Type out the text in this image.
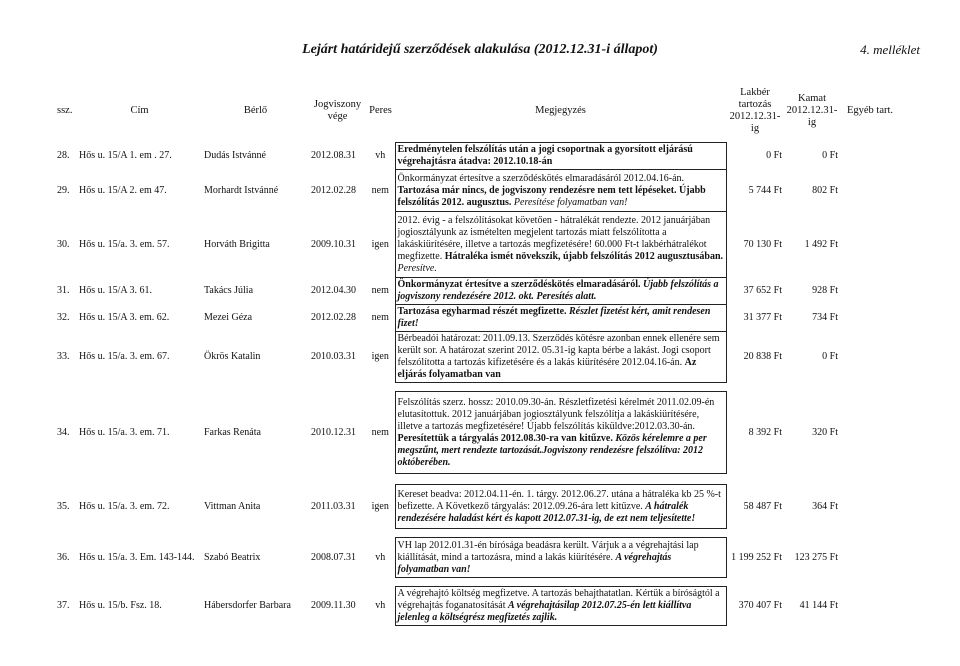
Lejárt határidejű szerződések alakulása (2012.12.31-i állapot)	4. melléklet
ssz.	Cím	Bérlő	Jogviszony vége	Peres	Megjegyzés	Lakbér tartozás 2012.12.31-ig	Kamat 2012.12.31-ig	Egyéb tart.

28.	Hős u. 15/A 1. em . 27.	Dudás Istvánné	2012.08.31	vh	Eredménytelen felszólítás után a jogi csoportnak a gyorsított eljárású végrehajtásra átadva: 2012.10.18-án	0 Ft	0 Ft	
29.	Hős u. 15/A 2. em 47.	Morhardt Istvánné	2012.02.28	nem	Önkormányzat értesítve a szerződéskötés elmaradásáról 2012.04.16-án. Tartozása már nincs, de jogviszony rendezésre nem tett lépéseket. Újabb felszólítás 2012. augusztus. Peresítése folyamatban van!	5 744 Ft	802 Ft	
30.	Hős u. 15/a. 3. em. 57.	Horváth Brigitta	2009.10.31	igen	2012. évig - a felszólításokat követően - hátralékát rendezte. 2012 januárjában jogiosztályunk az ismételten megjelent tartozás miatt felszólította a lakáskiürítésére, illetve a tartozás megfizetésére! 60.000 Ft-t lakbérhátralékot megfizette. Hátraléka ismét növekszik, újabb felszólítás 2012 augusztusában. Peresítve.	70 130 Ft	1 492 Ft	
31.	Hős u. 15/A 3. 61.	Takács Júlia	2012.04.30	nem	Önkormányzat értesítve a szerződéskötés elmaradásáról. Újabb felszólítás a jogviszony rendezésére 2012. okt. Peresítés alatt.	37 652 Ft	928 Ft	
32.	Hős u. 15/A 3. em. 62.	Mezei Géza	2012.02.28	nem	Tartozása egyharmad részét megfizette. Részlet fizetést kért, amit rendesen fizet!	31 377 Ft	734 Ft	
33.	Hős u. 15/a. 3. em. 67.	Ökrös Katalin	2010.03.31	igen	Bérbeadói határozat: 2011.09.13. Szerződés kötésre azonban ennek ellenére sem került sor. A határozat szerint 2012. 05.31-ig kapta bérbe a lakást. Jogi csoport felszólította a tartozás kifizetésére és a lakás kiürítésére 2012.04.16-án. Az eljárás folyamatban van	20 838 Ft	0 Ft	

34.	Hős u. 15/a. 3. em. 71.	Farkas Renáta	2010.12.31	nem	Felszólítás szerz. hossz: 2010.09.30-án. Részletfizetési kérelmét 2011.02.09-én elutasítottuk. 2012 januárjában jogiosztályunk felszólítja a lakáskiürítésére, illetve a tartozás megfizetésére! Újabb felszólítás kiküldve:2012.03.30-án. Peresítettük a tárgyalás 2012.08.30-ra van kitűzve. Közös kérelemre a per megszűnt, mert rendezte tartozását.Jogviszony rendezésre felszólítva: 2012 októberében.	8 392 Ft	320 Ft	

35.	Hős u. 15/a. 3. em. 72.	Vittman Anita	2011.03.31	igen	Kereset beadva: 2012.04.11-én. 1. tárgy. 2012.06.27. utána a hátraléka kb 25 %-t befizette. A Következő tárgyalás: 2012.09.26-ára lett kitűzve. A hátralék rendezésére haladást kért és kapott 2012.07.31-ig, de ezt nem teljesítette!	58 487 Ft	364 Ft	

36.	Hős u. 15/a. 3. Em. 143-144.	Szabó Beatrix	2008.07.31	vh	VH lap 2012.01.31-én bírósága beadásra került. Várjuk a a végrehajtási lap kiállítását, mind a tartozásra, mind a lakás kiürítésére. A végrehajtás folyamatban van!	1 199 252 Ft	123 275 Ft	

37.	Hős u. 15/b. Fsz. 18.	Hábersdorfer Barbara	2009.11.30	vh	A végrehajtó költség megfizetve. A tartozás behajthatatlan. Kértük a bíróságtól a végrehajtás foganatosítását A végrehajtásilap 2012.07.25-én lett kiállítva jelenleg a költségrész megfizetés zajlik.	370 407 Ft	41 144 Ft	
